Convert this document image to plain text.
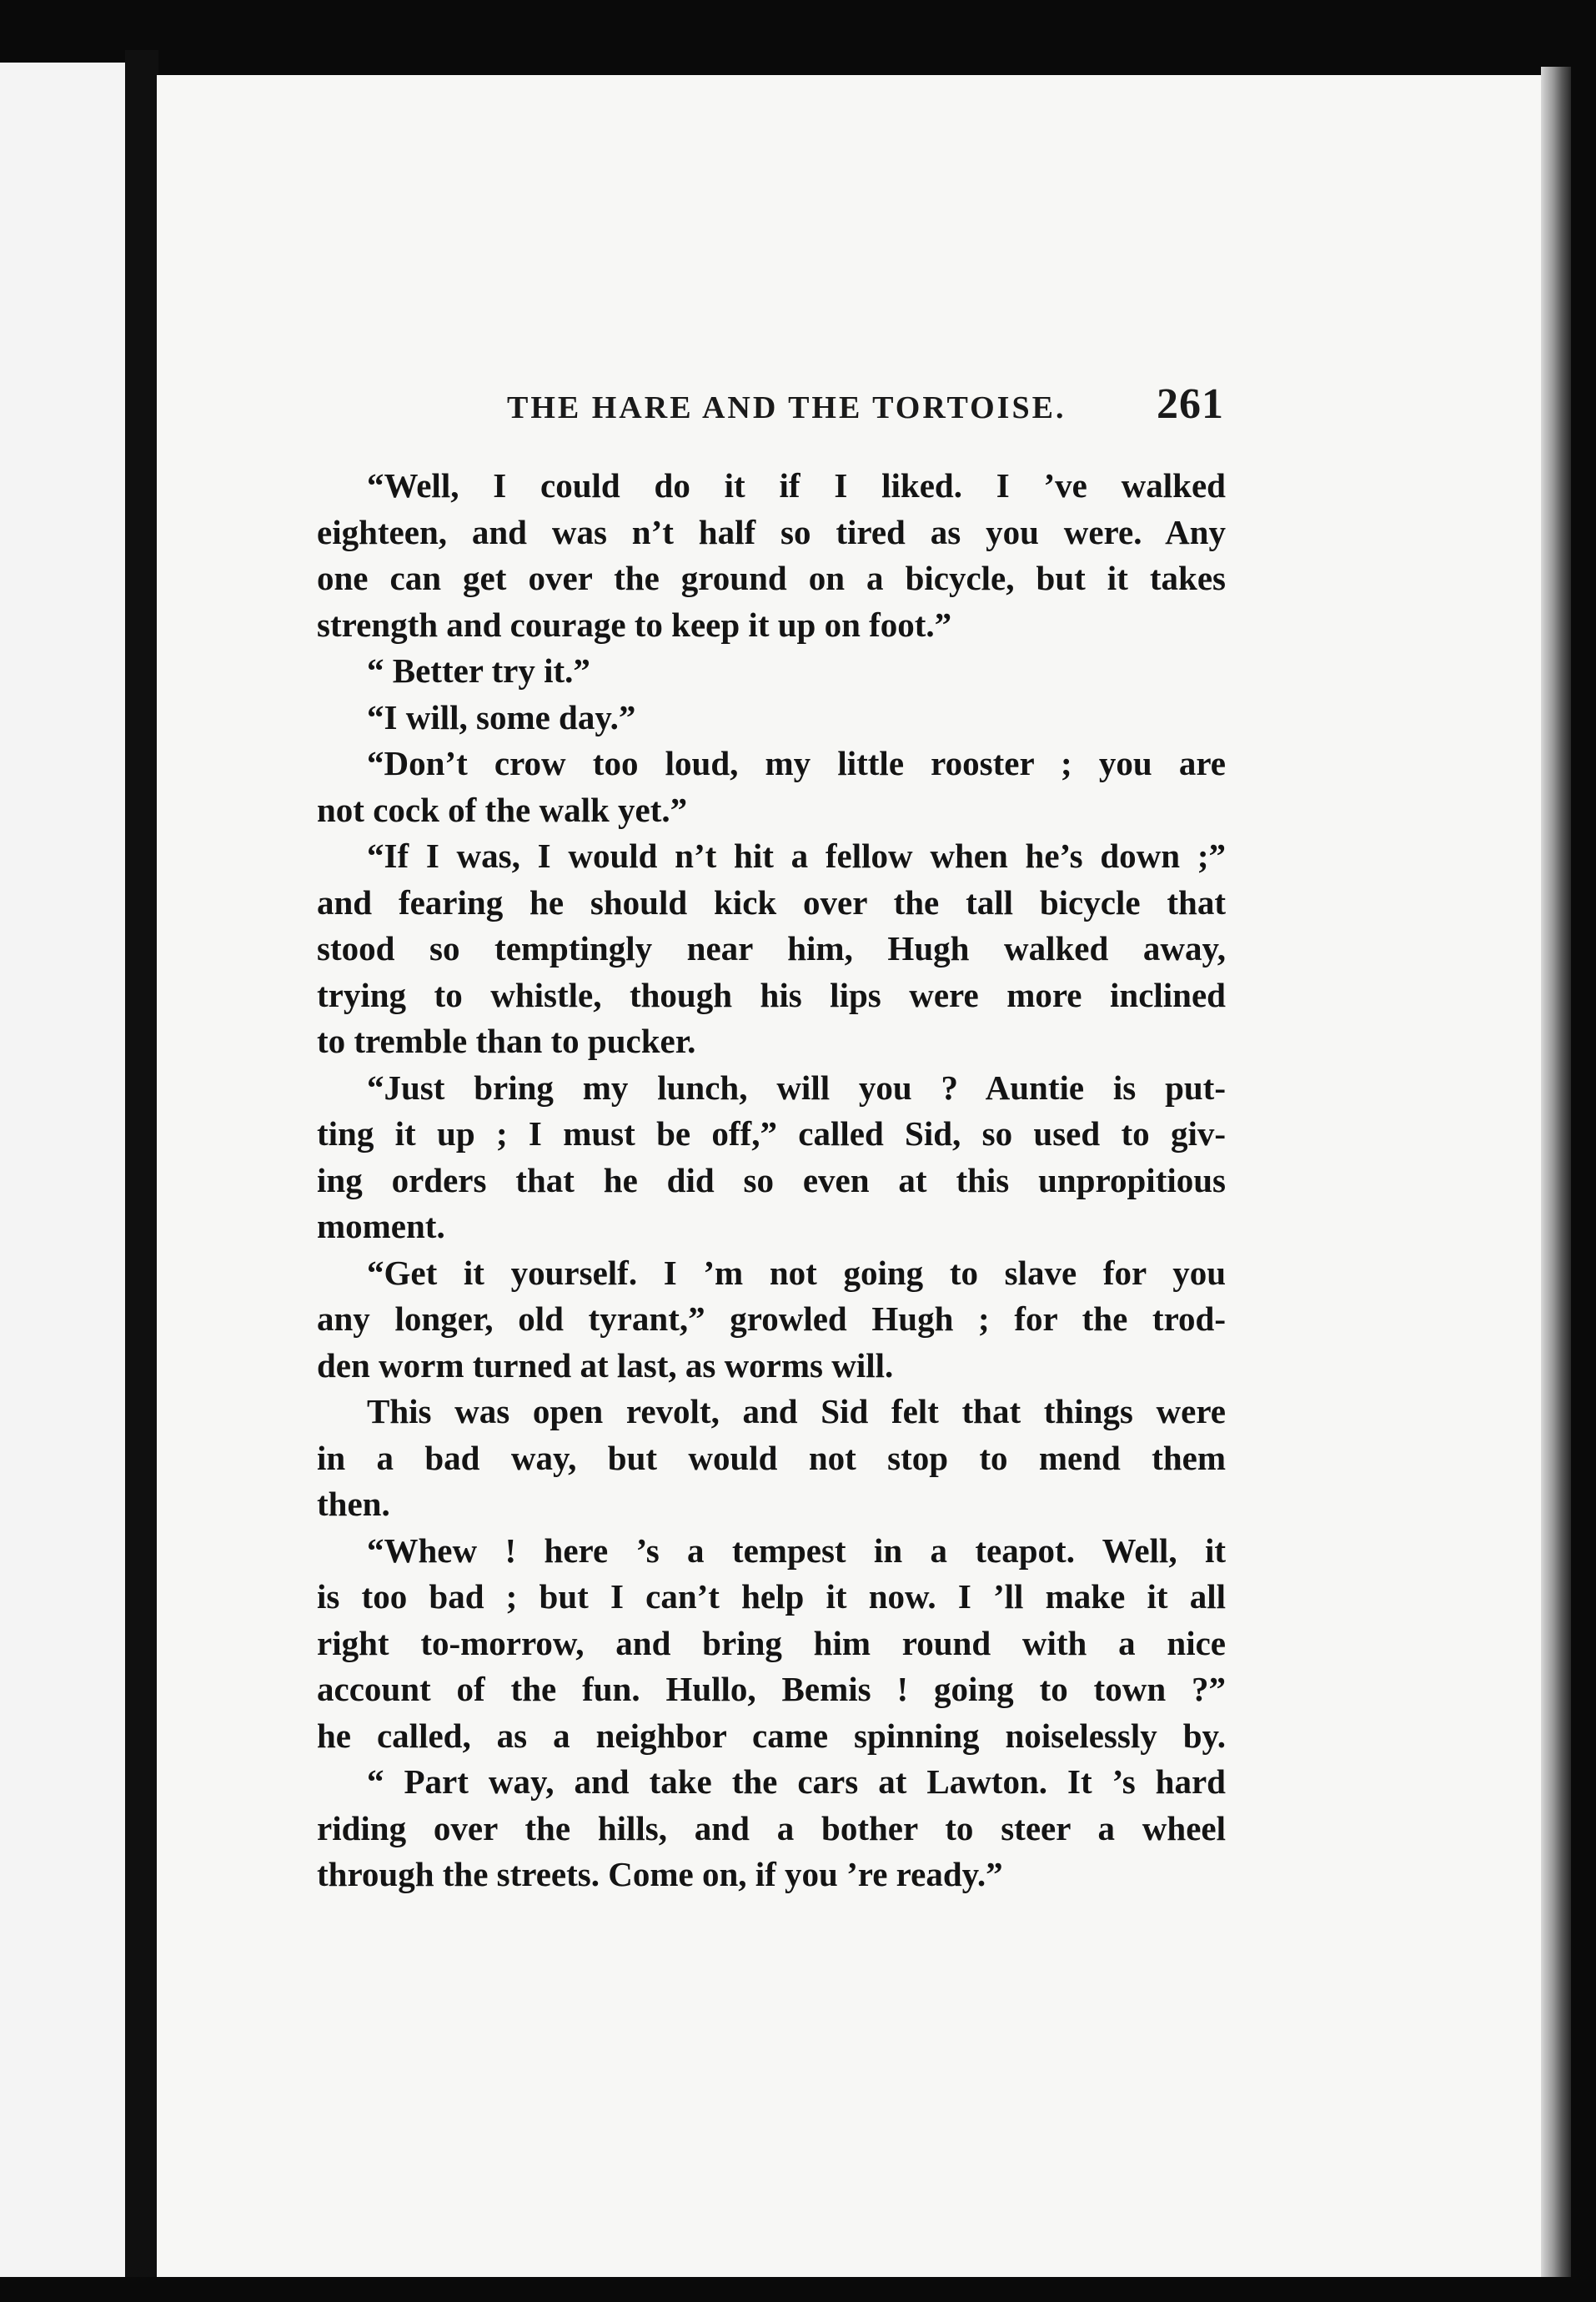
THE HARE AND THE TORTOISE. 261
“Well, I could do it if I liked. I ’ve walked
eighteen, and was n’t half so tired as you were. Any
one can get over the ground on a bicycle, but it takes
strength and courage to keep it up on foot.”
“ Better try it.”
“I will, some day.”
“Don’t crow too loud, my little rooster ; you are
not cock of the walk yet.”
“If I was, I would n’t hit a fellow when he’s down ;”
and fearing he should kick over the tall bicycle that
stood so temptingly near him, Hugh walked away,
trying to whistle, though his lips were more inclined
to tremble than to pucker.
“Just bring my lunch, will you ? Auntie is put-
ting it up ; I must be off,” called Sid, so used to giv-
ing orders that he did so even at this unpropitious
moment.
“Get it yourself. I ’m not going to slave for you
any longer, old tyrant,” growled Hugh ; for the trod-
den worm turned at last, as worms will.
This was open revolt, and Sid felt that things were
in a bad way, but would not stop to mend them
then.
“Whew ! here ’s a tempest in a teapot. Well, it
is too bad ; but I can’t help it now. I ’ll make it all
right to-morrow, and bring him round with a nice
account of the fun. Hullo, Bemis ! going to town ?”
he called, as a neighbor came spinning noiselessly by.
“ Part way, and take the cars at Lawton. It ’s hard
riding over the hills, and a bother to steer a wheel
through the streets. Come on, if you ’re ready.”
